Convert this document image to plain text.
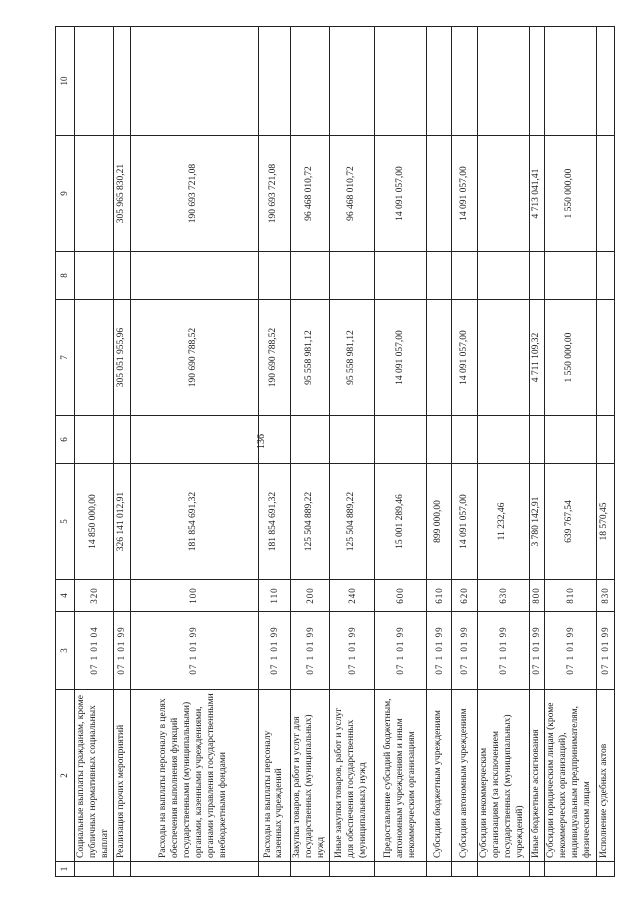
136
1	2	3	4	5	6	7	8	9	10
	Социальные выплаты гражданам, кроме публичных нормативных социальных выплат	07 1 01 04	320	14 850 000,00					
	Реализация прочих мероприятий	07 1 01 99		326 141 012,91		305 051 955,96		305 965 830,21	
	Расходы на выплаты персоналу в целях обеспечения выполнения функций государственными (муниципальными) органами, казенными учреждениями, органами управления государственными внебюджетными фондами	07 1 01 99	100	181 854 691,32		190 690 788,52		190 693 721,08	
	Расходы на выплаты персоналу казенных учреждений	07 1 01 99	110	181 854 691,32		190 690 788,52		190 693 721,08	
	Закупка товаров, работ и услуг для государственных (муниципальных) нужд	07 1 01 99	200	125 504 889,22		95 558 981,12		96 468 010,72	
	Иные закупки товаров, работ и услуг для обеспечения государственных (муниципальных) нужд	07 1 01 99	240	125 504 889,22		95 558 981,12		96 468 010,72	
	Предоставление субсидий бюджетным, автономным учреждениям и иным некоммерческим организациям	07 1 01 99	600	15 001 289,46		14 091 057,00		14 091 057,00	
	Субсидии бюджетным учреждениям	07 1 01 99	610	899 000,00					
	Субсидии автономным учреждениям	07 1 01 99	620	14 091 057,00		14 091 057,00		14 091 057,00	
	Субсидии некоммерческим организациям (за исключением государственных (муниципальных) учреждений)	07 1 01 99	630	11 232,46					
	Иные бюджетные ассигнования	07 1 01 99	800	3 780 142,91		4 711 109,32		4 713 041,41	
	Субсидии юридическим лицам (кроме некоммерческих организаций), индивидуальным предпринимателям, физическим лицам	07 1 01 99	810	639 767,54		1 550 000,00		1 550 000,00	
	Исполнение судебных актов	07 1 01 99	830	18 570,45					
